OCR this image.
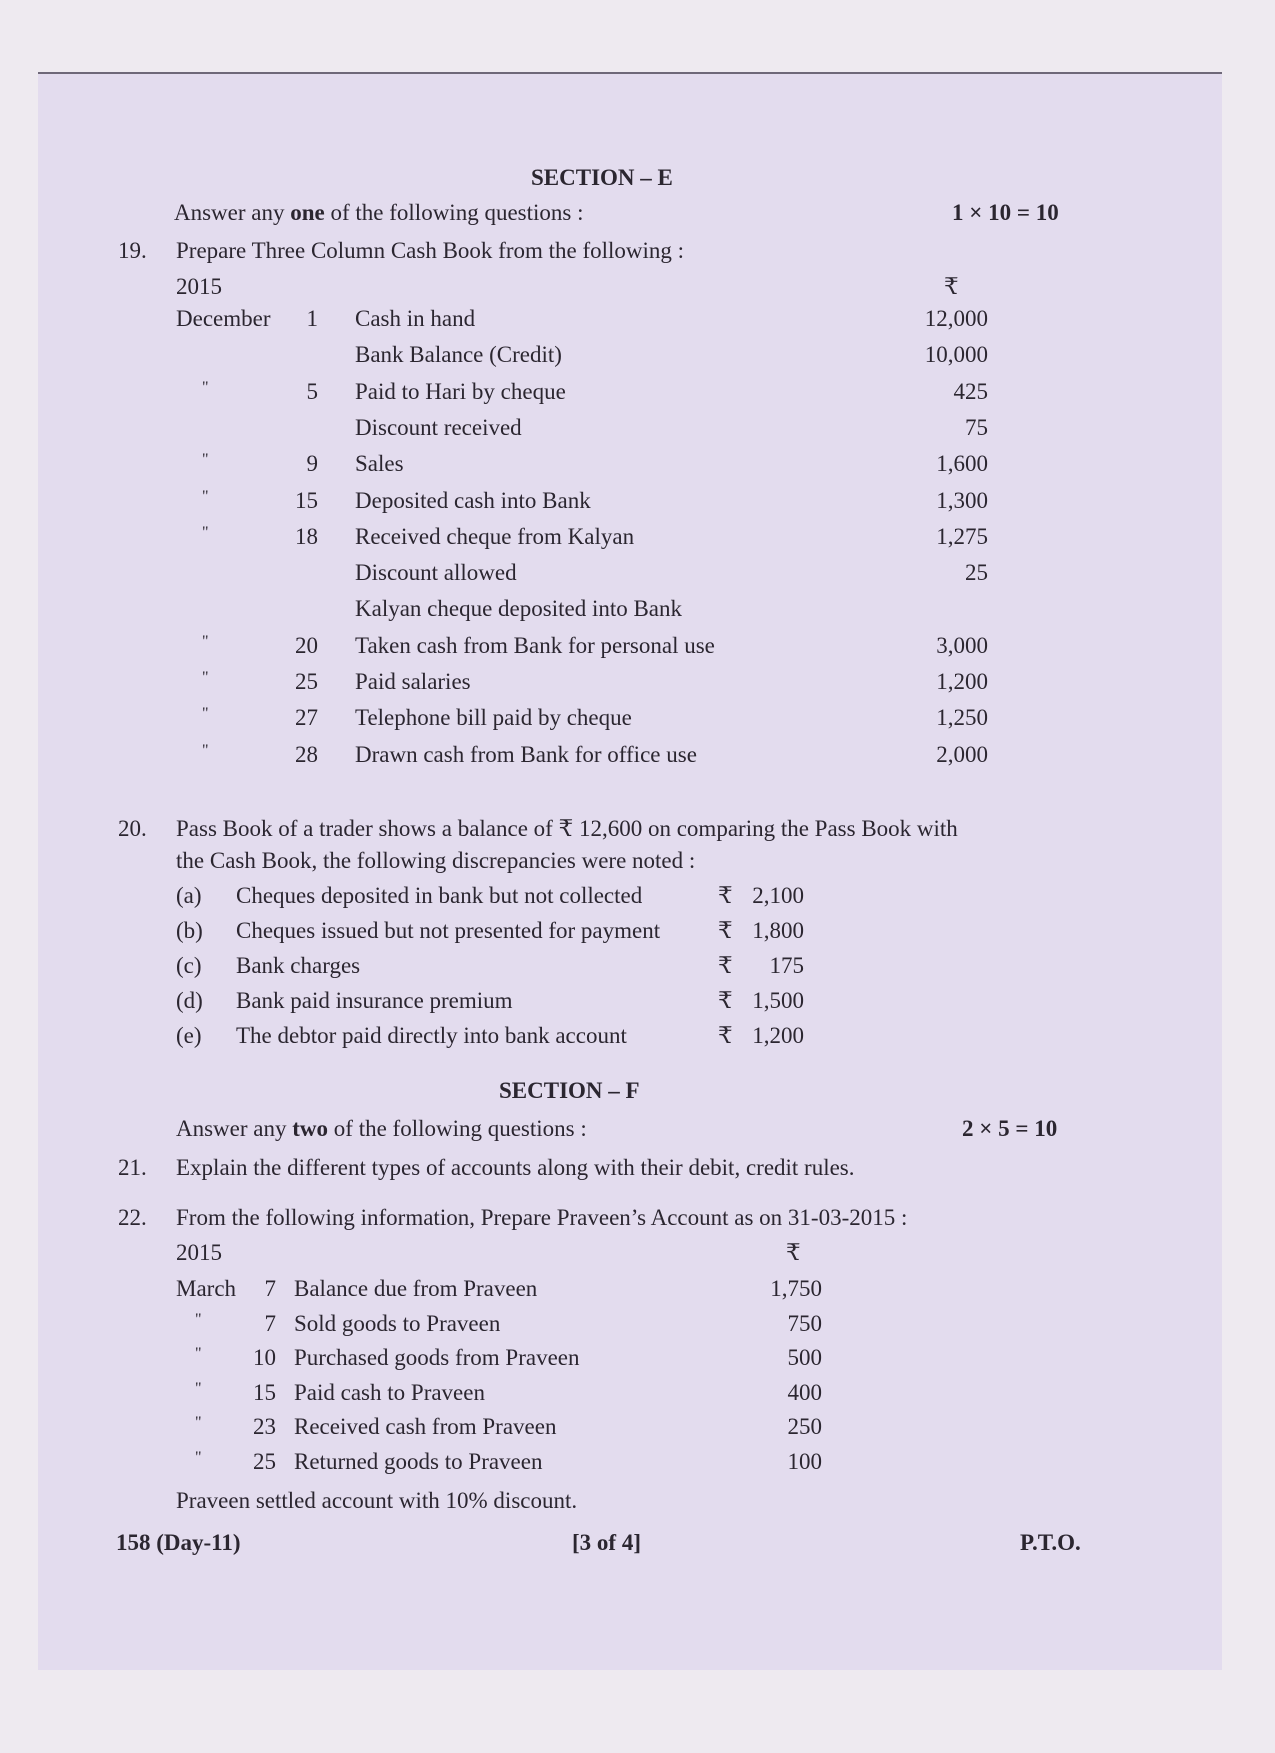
SECTION – E
Answer any one of the following questions :	1 × 10 = 10
19. Prepare Three Column Cash Book from the following :
2015	₹
December	1 Cash in hand	12,000
Bank Balance (Credit)	10,000
"	5 Paid to Hari by cheque	425
Discount received	75
"	9 Sales	1,600
"	15 Deposited cash into Bank	1,300
"	18 Received cheque from Kalyan	1,275
Discount allowed	25
Kalyan cheque deposited into Bank
"	20 Taken cash from Bank for personal use	3,000
"	25 Paid salaries	1,200
"	27 Telephone bill paid by cheque	1,250
"	28 Drawn cash from Bank for office use	2,000
20. Pass Book of a trader shows a balance of ₹ 12,600 on comparing the Pass Book with
the Cash Book, the following discrepancies were noted :
(a) Cheques deposited in bank but not collected	₹ 2,100
(b) Cheques issued but not presented for payment	₹ 1,800
(c) Bank charges	₹	175
(d) Bank paid insurance premium	₹ 1,500
(e) The debtor paid directly into bank account	₹ 1,200
SECTION – F
Answer any two of the following questions :	2 × 5 = 10
21. Explain the different types of accounts along with their debit, credit rules.
22. From the following information, Prepare Praveen’s Account as on 31-03-2015 :
2015	₹
March	7 Balance due from Praveen	1,750
"	7 Sold goods to Praveen	750
"	10 Purchased goods from Praveen	500
"	15 Paid cash to Praveen	400
"	23 Received cash from Praveen	250
"	25 Returned goods to Praveen	100
Praveen settled account with 10% discount.
158 (Day-11)	[3 of 4]	P.T.O.
